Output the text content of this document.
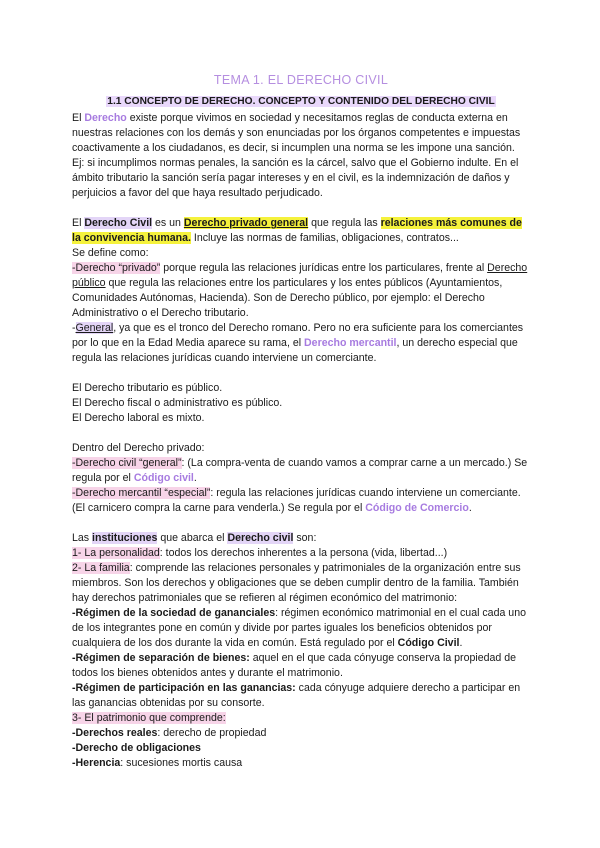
TEMA 1. EL DERECHO CIVIL
1.1 CONCEPTO DE DERECHO. CONCEPTO Y CONTENIDO DEL DERECHO CIVIL

El Derecho existe porque vivimos en sociedad y necesitamos reglas de conducta externa en nuestras relaciones con los demás y son enunciadas por los órganos competentes e impuestas coactivamente a los ciudadanos, es decir, si incumplen una norma se les impone una sanción. Ej: si incumplimos normas penales, la sanción es la cárcel, salvo que el Gobierno indulte. En el ámbito tributario la sanción sería pagar intereses y en el civil, es la indemnización de daños y perjuicios a favor del que haya resultado perjudicado.

El Derecho Civil es un Derecho privado general que regula las relaciones más comunes de la convivencia humana. Incluye las normas de familias, obligaciones, contratos...

Se define como:

-Derecho “privado” porque regula las relaciones jurídicas entre los particulares, frente al Derecho público que regula las relaciones entre los particulares y los entes públicos (Ayuntamientos, Comunidades Autónomas, Hacienda). Son de Derecho público, por ejemplo: el Derecho Administrativo o el Derecho tributario.

-General, ya que es el tronco del Derecho romano. Pero no era suficiente para los comerciantes por lo que en la Edad Media aparece su rama, el Derecho mercantil, un derecho especial que regula las relaciones jurídicas cuando interviene un comerciante.

El Derecho tributario es público.

El Derecho fiscal o administrativo es público.

El Derecho laboral es mixto.

Dentro del Derecho privado:

-Derecho civil “general”: (La compra-venta de cuando vamos a comprar carne a un mercado.) Se regula por el Código civil.

-Derecho mercantil “especial”: regula las relaciones jurídicas cuando interviene un comerciante.(El carnicero compra la carne para venderla.) Se regula por el Código de Comercio.

Las instituciones que abarca el Derecho civil son:

1- La personalidad: todos los derechos inherentes a la persona (vida, libertad...)

2- La familia: comprende las relaciones personales y patrimoniales de la organización entre sus miembros. Son los derechos y obligaciones que se deben cumplir dentro de la familia. También hay derechos patrimoniales que se refieren al régimen económico del matrimonio:

-Régimen de la sociedad de gananciales: régimen económico matrimonial en el cual cada uno de los integrantes pone en común y divide por partes iguales los beneficios obtenidos por cualquiera de los dos durante la vida en común. Está regulado por el Código Civil.

-Régimen de separación de bienes: aquel en el que cada cónyuge conserva la propiedad de todos los bienes obtenidos antes y durante el matrimonio.

-Régimen de participación en las ganancias: cada cónyuge adquiere derecho a participar en las ganancias obtenidas por su consorte.

3- El patrimonio que comprende:

-Derechos reales: derecho de propiedad

-Derecho de obligaciones

-Herencia: sucesiones mortis causa
